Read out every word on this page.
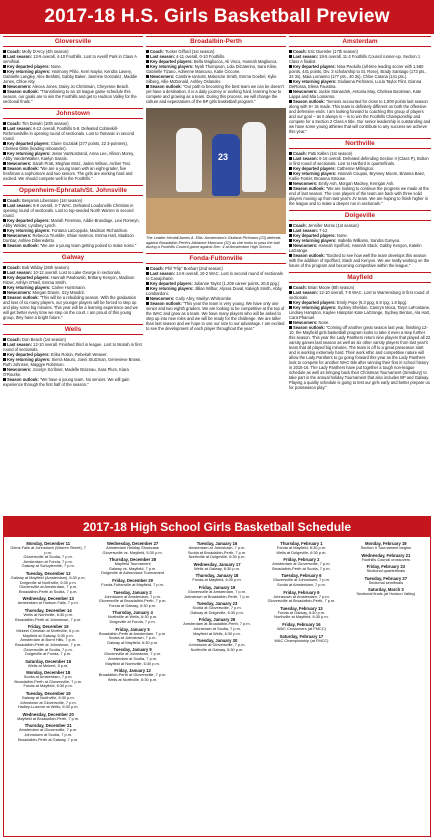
2017-18 H.S. Girls Basketball Preview
Gloversville
Coach: Molly D'Arcy (4th season)
Last season: 13-9 overall, 4-10 Foothills. Lost to Averill Park in Class A semifinal.
Key departed players: None.
Key returning players: Harmony Philo, Kerri Naylor, Kendra Lavery, Gabrielle Langley, Alex Benfatti, Gabby Baker, Jasmine Gonzalez, Maddie Jones, Chloe Alty.
Newcomers: Alecea Jones, Daisy Jo Christman, Cheyenne Beach.
Season outlook: "Transitioning to an 18 league game schedule this season, our goals are to win the Foothills and get to Hudson Valley for the sectional finals."
Johnstown
Coach: Tim Dorwin (10th season)
Last season: 6-12 overall, Foothills 5-8. Defeated Cobleskill-Richmondville in opening round of sectionals. Lost to Tamarac in second round.
Key departed players: Claire Guzalak (277 points, 22 3-pointers), Chelsea Gittle (leading rebounder).
Key returning players: Jesse VanNostrand, Anna Lee, Allison Morey, Abby VanderWalker, Kaelyn Sassis.
Newcomers: Sarah Pratt, Meghan Mraz, Jaden Wilson, Amber Tesi.
Season outlook: "We are a young team with an eight-grader, five freshman a sophomore and two seniors. The girls are working hard and excited. We should compete well in the Foothills."
Oppenheim-Ephratah/St. Johnsville
Coach: Benjamin Liberatore (1st season)
Last season: 9-9 overall, 3-7 WAC. Defeated Loudonville Christian in opening round of sectionals. Lost to top-seeded North Warren in second round.
Key departed players: Mariah Freeman, Addie Brundage, Lexi Romeyn, Abby Welder, Lyndsey Lynch.
Key returning players: Fontana LaCoppola, Madison Richardson.
Newcomers: Rebecca Trumble, Shian Harmon, Emma Hart, Madison Dunbar, Ashlee Dibenedetto.
Season outlook: "We are a young team getting poised to make noise."
Galway
Coach: Bob Wilday (26th season)
Last season: 10-12 overall. Lost to Lake George in sectionals.
Key departed players: Hannah Pawlowski, Brittany Kenyon, Madison Ritzer, Ashlyn O'Neil, Emma Smith.
Key returning players: Carlee Horstmann.
Newcomers: Morgan Dravin, Izzy Mandrit.
Season outlook: "This will be a rebuilding season. With the graduation and loss of so many players, our younger players will be forced to step up and play some big minutes. This year will be a learning experience and we will get better every time we step on the court. I am proud of this young group, they have a bright future."
Wells
Coach: Don Beach (1st season)
Last season: 12-10 overall. Finished third in league. Lost to Moriah in first round of sectionals.
Key departed players: Erika Rolsin, Rebekah Weaver.
Key returning players: Sierra Mauro, Joeni Stutzman, Genevieve Brown, Ruth Johnsen, Maggye Robinson.
Newcomers: Jocelyn Scribner, Madelle Brazeau, Sara Plum, Kiara O'Rourke.
Season outlook: "We have a young team. No seniors. We will gain experience through the first half of the season."
Broadalbin-Perth
Coach: Tucker Gifford (1st season)
Last season: 4-11 overall, 0-10 Foothills.
Key departed players: Bella Magliocca, Ali Visco, Hannah Magliocca.
Key returning players: Nyah Thompson, Lola DiCaterino, Sara Kline, Gabrielle Tizano, Adrienne Mancuso, Katie Ciccone.
Newcomers: Cambrie Iannotti, Makenzie Smith, Emma Goebel, Kylie Silberg, Allie McDonald, Ashley Oslander.
Season outlook: "Our path to becoming the best team we can be doesn't yet have a destination, it is a daily journey or working hard, learning how to compete and growing as a team. During this process, we will change the culture and expectations of the BP girls basketball program."
23
The Leader-Herald/James A. Ellis: Amsterdam's Giuliana Pichirami (23) defends against Broadalbin-Perth's Adrianne Mancuso (32) as she looks to pass the ball during a Foothills Council game against Dec. 4 at Amsterdam High School.
Fonda-Fultonville
Coach: Phil "Flip" Boshart (2nd season)
Last season: 14-8 overall, 10-2 WAC. Lost in second round of sectionals to Canajoharie.
Key departed players: Julianne Taylor (1,209 career points, 20.8 ppg.)
Key returning players: Jillian Wilbur, Alyssa Duval, Kaleigh Smith, Abby Lombardoni.
Newcomers: Carly Abry, Marilyn Whitcombe
Season outlook: "This year the team is very young. We have only one senior and two eighth graders. We are looking to be competitive at the top of the WAC and grow as a team. We have many players who will be asked to step up into new roles and we will be ready for the challenge. We are taller than last season and we hope to use our size to our advantage. I am excited to see the development of each player throughout the year."
Amsterdam
Coach: Eric Duemler (17th season)
Last season: 18-5 overall, 11-2 Foothills Council runner-up. Section 1 Class A finalist.
Key departed players: Nina Paolullo (all-time leading scorer with 1,580 points, 441 points, Div. 3 scholarship to St. Rose), Brady Santiago (173 pts., 33 3s), Maia Lomanno (177 pts., 40 3s), Chloe Catona (141 pts.).
Key returning players: Giulianna Pichirami, Lucia Taylor Flint, Gianna DeRossa, Elena Faustina.
Newcomers: Jackie Stanaszek, Antonia May, Chelsea Bookman, Kate Lappa and Mia Lomanno.
Season outlook: "Seniors accounted for close to 1,900 points last season along with 9+ 3s made. This team is definitely different on both the offensive and defensive ends. I am looking forward to coaching this group of players and our goal -- as it always is -- is to win the Foothills Championship and compete for a Section 2 Class A title. Our senior leadership is outstanding and we have some young athletes that will contribute to any success we achieve this year."
Northville
Coach: Patti Kallen (1st season)
Last season: 6-16 overall. Defeated defending Section II (Class P), Bolton in first round of sectionals. Lost to Hartford in quarterfinals.
Key departed players: Catherine Millington.
Key returning players: Hannah Coupas, Brynney Moore, Brianna Baez, Karlie Foster, Broanna Strouse.
Newcomers: Emily Ash, Morgan Mackey, Kerrigan Ash.
Season outlook: "We are looking to continue the progress we made at the end of last season. The core players of the team are back with three solid players moving up from last year's JV team. We are hoping to finish higher in the league and to make a deeper run in sectionals."
Dolgeville
Coach: Jennifer Morse (1st season)
Last season: 7-12
Key departed players: None.
Key returning players: Isabella Williams, Sandra Gonyea.
Newcomers: Hannah Spofford, Hannah Stack, Gabby Kenyon, Katelin LaGrange.
Season outlook: "Excited to see how well the team develops this season with the addition of Spofford, Stack and Kenyon. We are really working on the future of the program and becoming competitive within the league."
Mayfield
Coach: Brian Moore (8th season)
Last season: 12-10 overall, 7-5 WAC. Lost to Warrensburg in first round of sectionals.
Key departed players: Emily Pope (5.3 ppg, 6.9 rpg, 1.8 bpg).
Key returning players: Sydney Sheldon, Camryn Moca, Taryn LaFontaine, Lindsey Hampton, Kaylee Hampton Kate LaGrange, Sydney Benton, Ala Hart, Cara Phanuel.
Newcomers: None.
Season outlook: "Coming off another great season last year, finishing 12-10, the Mayfield girls basketball program looks to take it even a step further this season. This year the Lady Panthers return nine players that played all 22 varsity games last season as well as six other varsity players from last year's team that all played big minutes. The team is off to a great preseason start and is working extremely hard. Their work ethic and competitive nature will allow the Lady Panthers to go going forward this year as the Lady Panthers look to compete for another WAC title after winning their first in school history in 2015-16. The Lady Panthers have put together a tough non-league schedule as well as bringing back their Christmas Tournament (Simsbury) to take part in the annual holiday Tournament that also includes BP and Galway. Playing a quality schedule is going to test our girls early and better prepare us for postseason play."
2017-18 High School Girls Basketball Schedule
Monday, December 11
Glens Falls at Johnstown (Warren Street), 7 p.m.
Gloversville at Scotia, 7 p.m.
Amsterdam at Fonda, 7 p.m.
Galway at Schuylerville, 7 p.m.
Tuesday, December 12
Galway at Mayfield (Amsterdam), 6:30 p.m.
Dolgeville at Northville, 6:30 p.m.
Gloversville at Amsterdam, 7 p.m.
Broadalbin-Perth at Scotia, 7 p.m.
Wednesday, December 13
Amsterdam at Hudson Falls, 7 p.m.
Thursday, December 14
Wells at Northville, 6:30 p.m.
Broadalbin-Perth at Johnstown, 7 p.m.
Friday, December 15
Mekeel Christian at Northville, 6 p.m.
Mayfield at Galway, 6:30 p.m.
Amsterdam at Burnt Hills, 7 p.m.
Broadalbin-Perth at Johnstown, 7 p.m.
Gloversville at Scotia, 7 p.m.
Dolgeville at Fonda, 7 p.m.
Saturday, December 16
Wells at Mekeel, 5 p.m.
Monday, December 18
Scotia at Amsterdam, 7 p.m.
Broadalbin-Perth at Gloversville, 7 p.m.
Fonda at Mayfield, 6:30 p.m.
Tuesday, December 19
Galway at Northville, 6:30 p.m.
Johnstown at Gloversville, 7 p.m.
Hadley-Luzerne at Wells, 6:30 p.m.
Wednesday, December 20
Mayfield at Broadalbin-Perth, 7 p.m.
Thursday, December 21
Amsterdam at Gloversville, 7 p.m.
Johnstown at Scotia, 7 p.m.
Broadalbin-Perth at Galway, 7 p.m.
Wednesday, December 27
Amsterdam Holiday Showcase
Gloversville vs. Mayfield, 5:30 p.m.
Thursday, December 28
Mayfield Tournament
Galway vs. Mayfield, 7 p.m.
Dolgeville at Adirondack Tournament
Friday, December 29
Fonda-Fultonville at Mayfield, 7 p.m.
Tuesday, January 2
Johnstown at Amsterdam, 7 p.m.
Gloversville at Broadalbin-Perth, 7 p.m.
Fonda at Galway, 6:30 p.m.
Thursday, January 4
Northville at Wells, 6:30 p.m.
Dolgeville at Fonda, 7 p.m.
Friday, January 5
Broadalbin-Perth at Amsterdam, 7 p.m.
Scotia at Johnstown, 7 p.m.
Galway at Mayfield, 6:30 p.m.
Tuesday, January 9
Gloversville at Johnstown, 7 p.m.
Amsterdam at Scotia, 7 p.m.
Mayfield at Northville, 6:30 p.m.
Friday, January 12
Broadalbin-Perth at Gloversville, 7 p.m.
Wells at Northville, 6:30 p.m.
Tuesday, January 16
Amsterdam at Johnstown, 7 p.m.
Scotia at Broadalbin-Perth, 7 p.m.
Northville at Dolgeville, 6:30 p.m.
Wednesday, January 17
Wells at Galway, 6:30 p.m.
Thursday, January 18
Fonda at Mayfield, 6:30 p.m.
Friday, January 19
Gloversville at Amsterdam, 7 p.m.
Johnstown at Broadalbin-Perth, 7 p.m.
Tuesday, January 23
Scotia at Gloversville, 7 p.m.
Galway at Dolgeville, 6:30 p.m.
Friday, January 26
Amsterdam at Broadalbin-Perth, 7 p.m.
Johnstown at Scotia, 7 p.m.
Mayfield at Wells, 6:30 p.m.
Tuesday, January 30
Johnstown at Gloversville, 7 p.m.
Northville at Galway, 6:30 p.m.
Thursday, February 1
Fonda at Mayfield, 6:30 p.m.
Wells at Dolgeville, 6:30 p.m.
Friday, February 2
Amsterdam at Gloversville, 7 p.m.
Broadalbin-Perth at Scotia, 7 p.m.
Tuesday, February 6
Gloversville at Johnstown, 7 p.m.
Scotia at Amsterdam, 7 p.m.
Friday, February 9
Johnstown at Amsterdam, 7 p.m.
Gloversville at Broadalbin-Perth, 7 p.m.
Tuesday, February 13
Fonda at Galway, 6:30 p.m.
Northville at Mayfield, 6:30 p.m.
Friday, February 16
WAC Crossovers (at FMCC)
Saturday, February 17
WAC Championship (at FMCC)
Monday, February 19
Section II Tournament begins
Wednesday, February 21
Foothills Council crossovers
Friday, February 23
Sectional quarterfinals
Tuesday, February 27
Sectional semifinals
Saturday, March 3
Sectional finals (at Hudson Valley)
